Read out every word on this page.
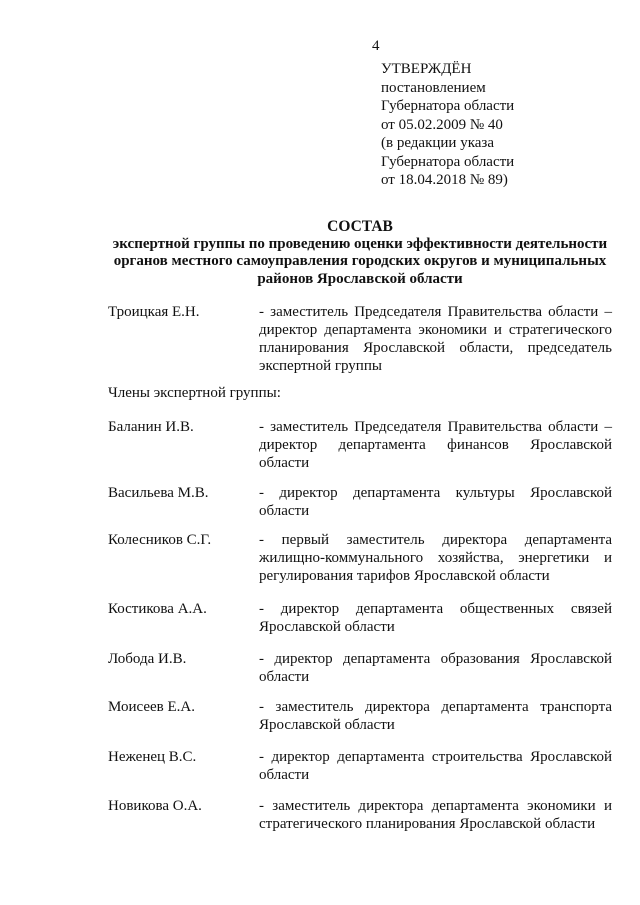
4
УТВЕРЖДЁН
постановлением
Губернатора области
от 05.02.2009 № 40
(в редакции указа
Губернатора области
от 18.04.2018 № 89)
СОСТАВ
экспертной группы по проведению оценки эффективности деятельности
органов местного самоуправления городских округов и муниципальных
районов Ярославской области
Троицкая Е.Н.	- заместитель Председателя Правительства области – директор департамента экономики и стратегического планирования Ярославской области, председатель экспертной группы
Члены экспертной группы:
Баланин И.В.	- заместитель Председателя Правительства области – директор департамента финансов Ярославской области
Васильева М.В.	- директор департамента культуры Ярославской области
Колесников С.Г.	- первый заместитель директора департамента жилищно-коммунального хозяйства, энергетики и регулирования тарифов Ярославской области
Костикова А.А.	- директор департамента общественных связей Ярославской области
Лобода И.В.	- директор департамента образования Ярославской области
Моисеев Е.А.	- заместитель директора департамента транспорта Ярославской области
Неженец В.С.	- директор департамента строительства Ярославской области
Новикова О.А.	- заместитель директора департамента экономики и стратегического планирования Ярославской области
